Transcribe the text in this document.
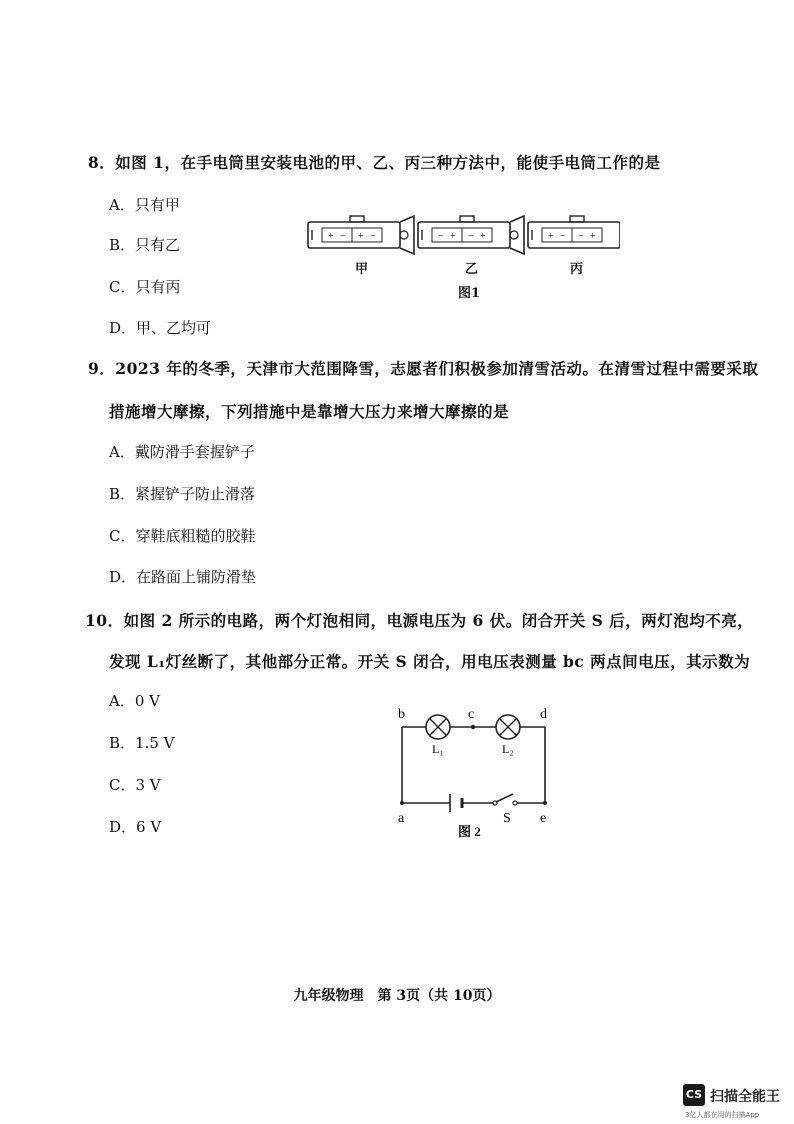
8．如图 1，在手电筒里安装电池的甲、乙、丙三种方法中，能使手电筒工作的是
A．只有甲
B．只有乙
C．只有丙
D．甲、乙均可
+ − + −	− + − +	+ − − +
甲	乙	丙
图1
9．2023 年的冬季，天津市大范围降雪，志愿者们积极参加清雪活动。在清雪过程中需要采取
措施增大摩擦，下列措施中是靠增大压力来增大摩擦的是
A．戴防滑手套握铲子
B．紧握铲子防止滑落
C．穿鞋底粗糙的胶鞋
D．在路面上铺防滑垫
10．如图 2 所示的电路，两个灯泡相同，电源电压为 6 伏。闭合开关 S 后，两灯泡均不亮，
发现 L₁灯丝断了，其他部分正常。开关 S 闭合，用电压表测量 bc 两点间电压，其示数为
A．0 V
B．1.5 V
C．3 V
D．6 V
b	c	d
L₁	L₂
a	S e
图 2
九年级物理　第 3页（共 10页）
CS 扫描全能王
3亿人都在用的扫描App
